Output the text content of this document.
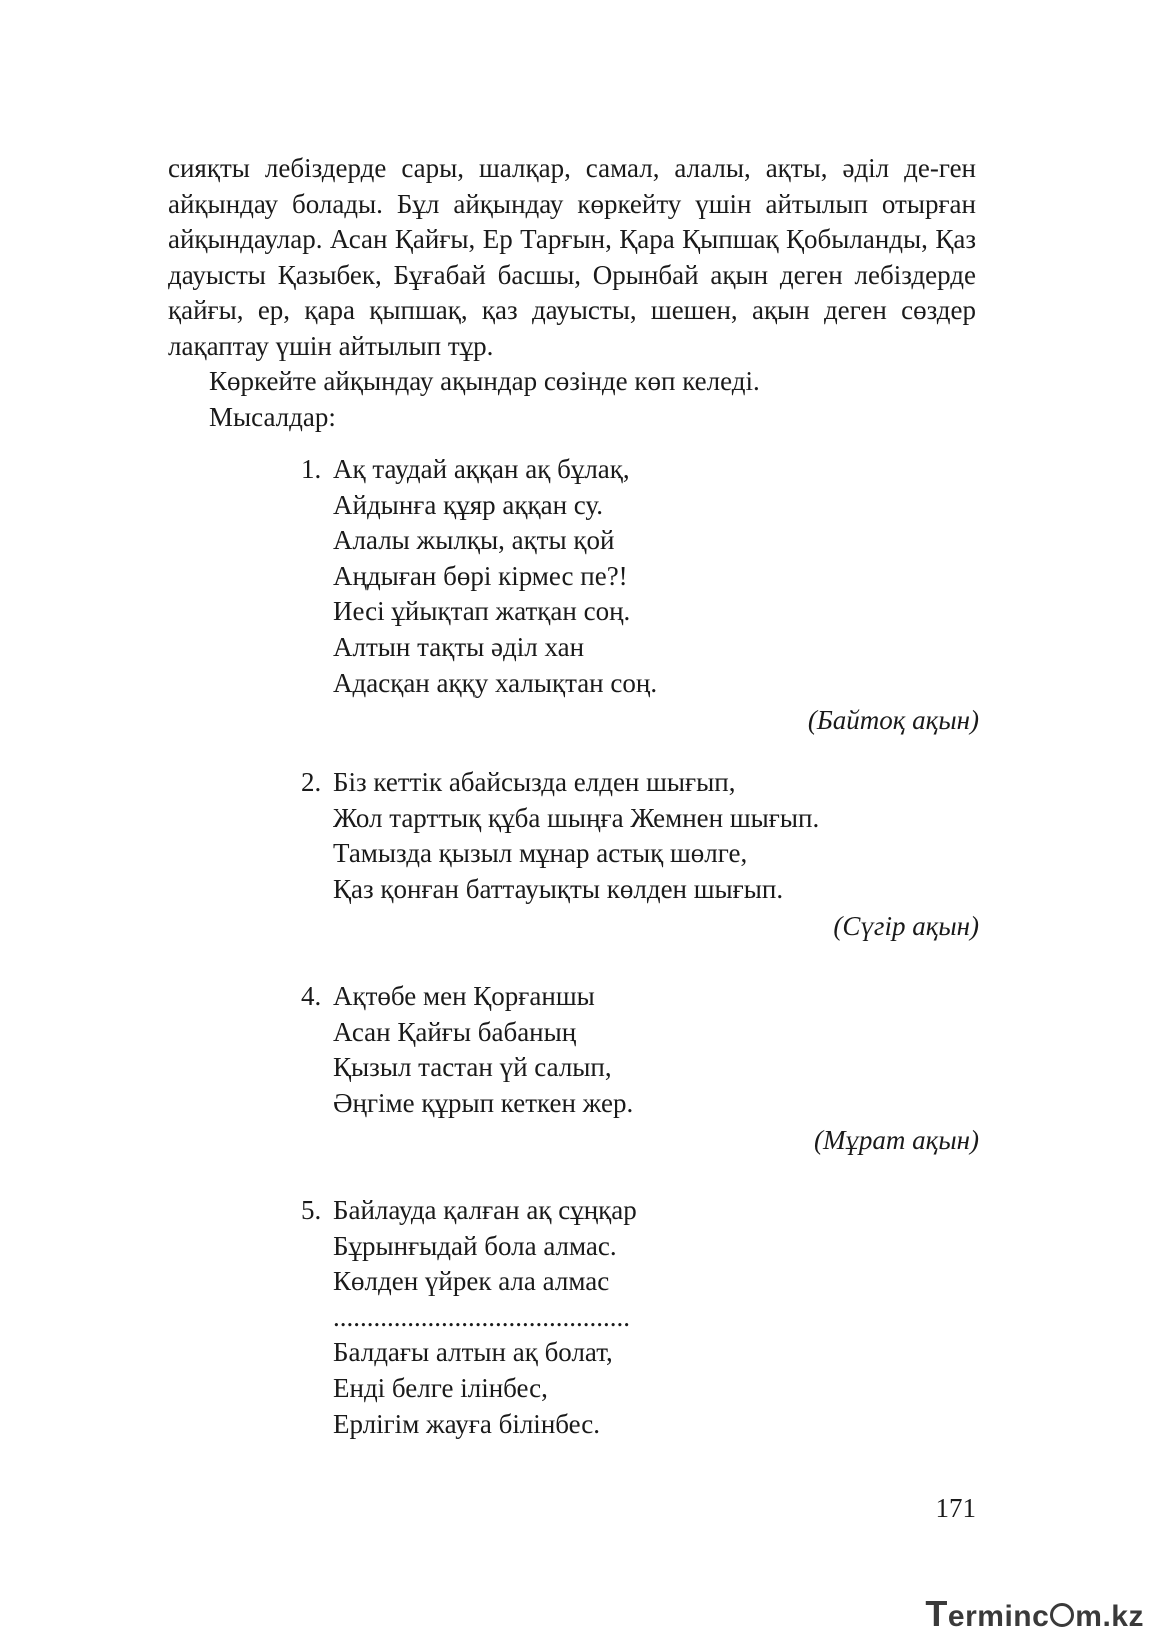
сияқты лебіздерде сары, шалқар, самал, алалы, ақты, әділ де-ген айқындау болады. Бұл айқындау көркейту үшін айтылып отырған айқындаулар. Асан Қайғы, Ер Тарғын, Қара Қыпшақ Қобыланды, Қаз дауысты Қазыбек, Бұғабай басшы, Орынбай ақын деген лебіздерде қайғы, ер, қара қыпшақ, қаз дауысты, шешен, ақын деген сөздер лақаптау үшін айтылып тұр.

Көркейте айқындау ақындар сөзінде көп келеді.

Мысалдар:

1. Ақ таудай аққан ақ бұлақ,
Айдынға құяр аққан су.
Алалы жылқы, ақты қой
Аңдыған бөрі кірмес пе?!
Иесі ұйықтап жатқан соң.
Алтын тақты әділ хан
Адасқан аққу халықтан соң.
(Байтоқ ақын)
2. Біз кеттік абайсызда елден шығып,
Жол тарттық құба шыңға Жемнен шығып.
Тамызда қызыл мұнар астық шөлге,
Қаз қонған баттауықты көлден шығып.
(Сүгір ақын)
4. Ақтөбе мен Қорғаншы
Асан Қайғы бабаның
Қызыл тастан үй салып,
Әңгіме құрып кеткен жер.
(Мұрат ақын)
5. Байлауда қалған ақ сұңқар
Бұрынғыдай бола алмас.
Көлден үйрек ала алмас
............................................
Балдағы алтын ақ болат,
Енді белге ілінбес,
Ерлігім жауға білінбес.
171
Terminc m.kz
